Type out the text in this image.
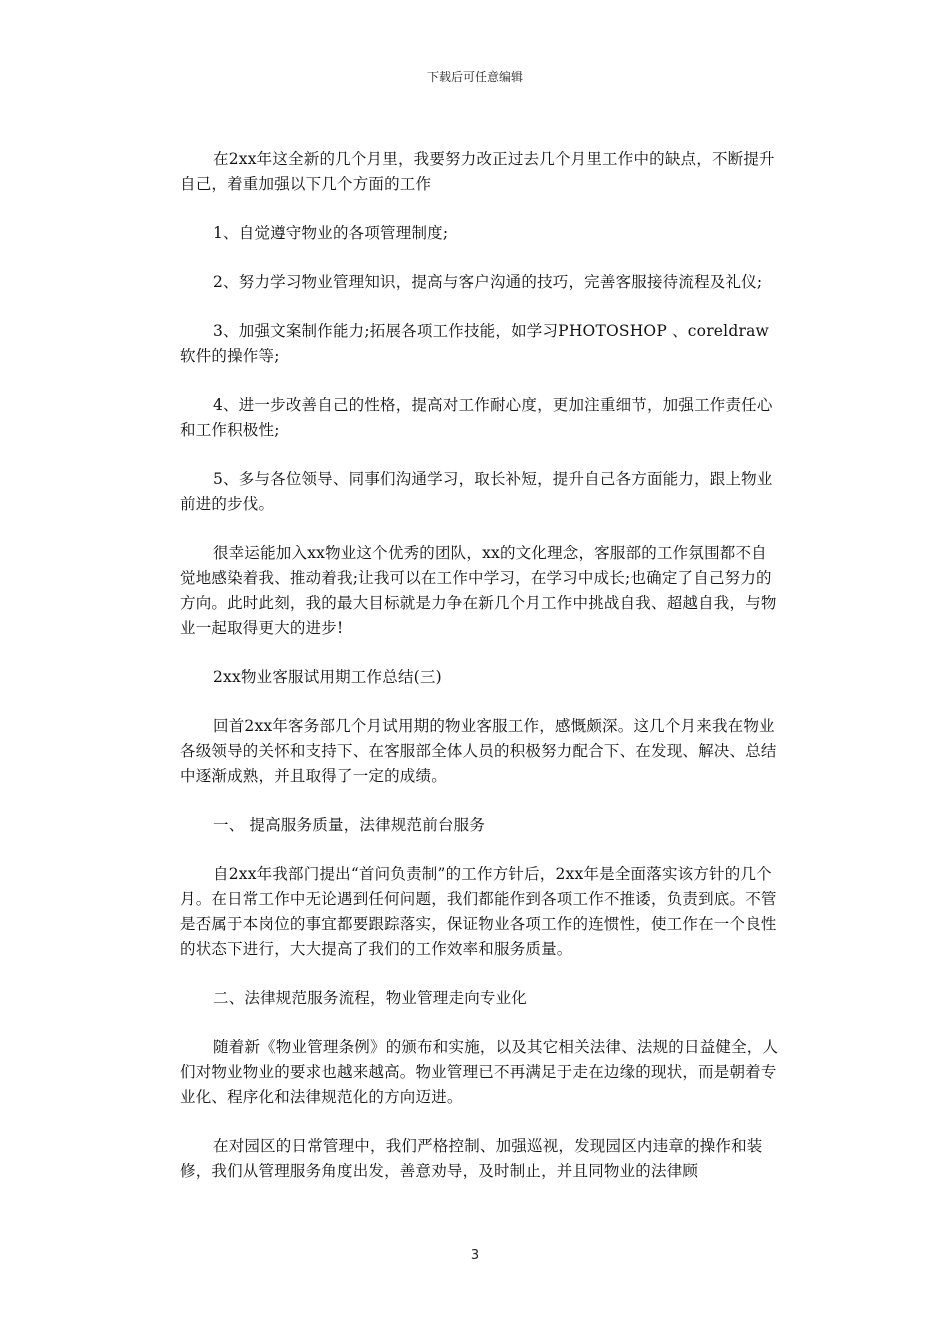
下载后可任意编辑

在2xx年这全新的几个月里，我要努力改正过去几个月里工作中的缺点，不断提升自己，着重加强以下几个方面的工作

1、自觉遵守物业的各项管理制度;

2、努力学习物业管理知识，提高与客户沟通的技巧，完善客服接待流程及礼仪;

3、加强文案制作能力;拓展各项工作技能，如学习PHOTOSHOP 、coreldraw软件的操作等;

4、进一步改善自己的性格，提高对工作耐心度，更加注重细节，加强工作责任心和工作积极性;

5、多与各位领导、同事们沟通学习，取长补短，提升自己各方面能力，跟上物业前进的步伐。

很幸运能加入xx物业这个优秀的团队，xx的文化理念，客服部的工作氛围都不自觉地感染着我、推动着我;让我可以在工作中学习，在学习中成长;也确定了自己努力的方向。此时此刻，我的最大目标就是力争在新几个月工作中挑战自我、超越自我，与物业一起取得更大的进步!

2xx物业客服试用期工作总结(三)

回首2xx年客务部几个月试用期的物业客服工作，感慨颇深。这几个月来我在物业各级领导的关怀和支持下、在客服部全体人员的积极努力配合下、在发现、解决、总结中逐渐成熟，并且取得了一定的成绩。

一、 提高服务质量，法律规范前台服务

自2xx年我部门提出“首问负责制”的工作方针后，2xx年是全面落实该方针的几个月。在日常工作中无论遇到任何问题，我们都能作到各项工作不推诿，负责到底。不管是否属于本岗位的事宜都要跟踪落实，保证物业各项工作的连惯性，使工作在一个良性的状态下进行，大大提高了我们的工作效率和服务质量。

二、法律规范服务流程，物业管理走向专业化

随着新《物业管理条例》的颁布和实施，以及其它相关法律、法规的日益健全，人们对物业物业的要求也越来越高。物业管理已不再满足于走在边缘的现状，而是朝着专业化、程序化和法律规范化的方向迈进。

在对园区的日常管理中，我们严格控制、加强巡视，发现园区内违章的操作和装修，我们从管理服务角度出发，善意劝导，及时制止，并且同物业的法律顾

3
